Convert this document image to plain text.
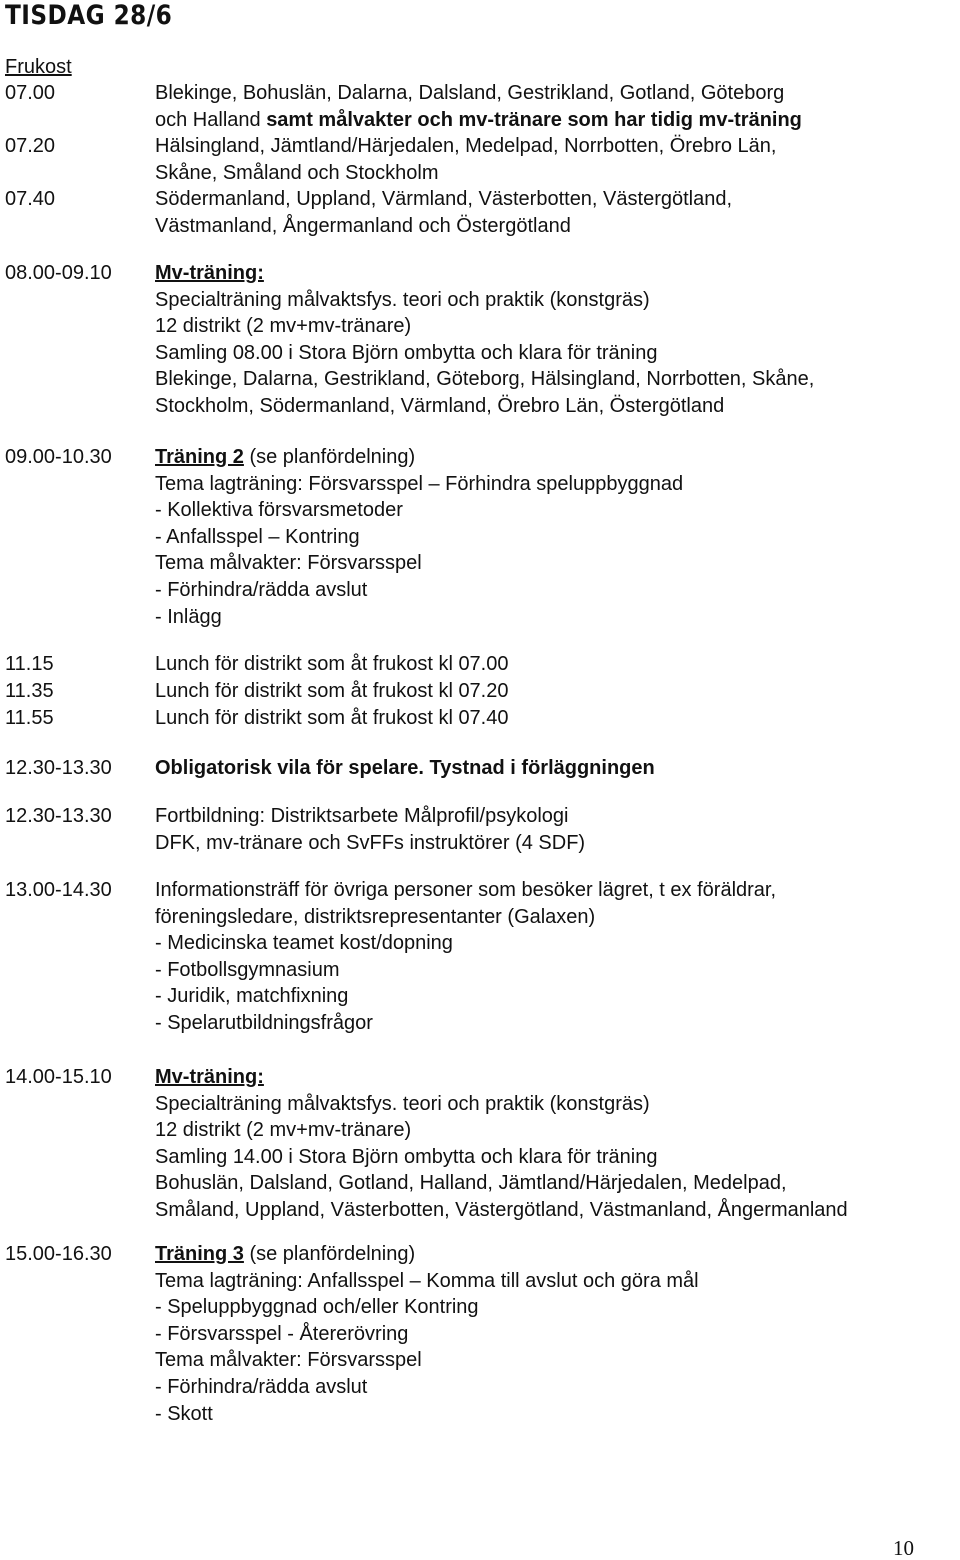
TISDAG 28/6
Frukost
07.00	Blekinge, Bohuslän, Dalarna, Dalsland, Gestrikland, Gotland, Göteborg
och Halland samt målvakter och mv-tränare som har tidig mv-träning
07.20	Hälsingland, Jämtland/Härjedalen, Medelpad, Norrbotten, Örebro Län,
Skåne, Småland och Stockholm
07.40	Södermanland, Uppland, Värmland, Västerbotten, Västergötland,
Västmanland, Ångermanland och Östergötland
08.00-09.10 Mv-träning:
Specialträning målvaktsfys. teori och praktik (konstgräs)
12 distrikt (2 mv+mv-tränare)
Samling 08.00 i Stora Björn ombytta och klara för träning
Blekinge, Dalarna, Gestrikland, Göteborg, Hälsingland, Norrbotten, Skåne,
Stockholm, Södermanland, Värmland, Örebro Län, Östergötland
09.00-10.30 Träning 2 (se planfördelning)
Tema lagträning: Försvarsspel – Förhindra speluppbyggnad
- Kollektiva försvarsmetoder
- Anfallsspel – Kontring
Tema målvakter: Försvarsspel
- Förhindra/rädda avslut
- Inlägg
11.15	Lunch för distrikt som åt frukost kl 07.00
11.35	Lunch för distrikt som åt frukost kl 07.20
11.55	Lunch för distrikt som åt frukost kl 07.40
12.30-13.30 Obligatorisk vila för spelare. Tystnad i förläggningen
12.30-13.30 Fortbildning: Distriktsarbete Målprofil/psykologi
DFK, mv-tränare och SvFFs instruktörer (4 SDF)
13.00-14.30 Informationsträff för övriga personer som besöker lägret, t ex föräldrar,
föreningsledare, distriktsrepresentanter (Galaxen)
- Medicinska teamet kost/dopning
- Fotbollsgymnasium
- Juridik, matchfixning
- Spelarutbildningsfrågor
14.00-15.10 Mv-träning:
Specialträning målvaktsfys. teori och praktik (konstgräs)
12 distrikt (2 mv+mv-tränare)
Samling 14.00 i Stora Björn ombytta och klara för träning
Bohuslän, Dalsland, Gotland, Halland, Jämtland/Härjedalen, Medelpad,
Småland, Uppland, Västerbotten, Västergötland, Västmanland, Ångermanland
15.00-16.30 Träning 3 (se planfördelning)
Tema lagträning: Anfallsspel – Komma till avslut och göra mål
- Speluppbyggnad och/eller Kontring
- Försvarsspel - Återerövring
Tema målvakter: Försvarsspel
- Förhindra/rädda avslut
- Skott
10
